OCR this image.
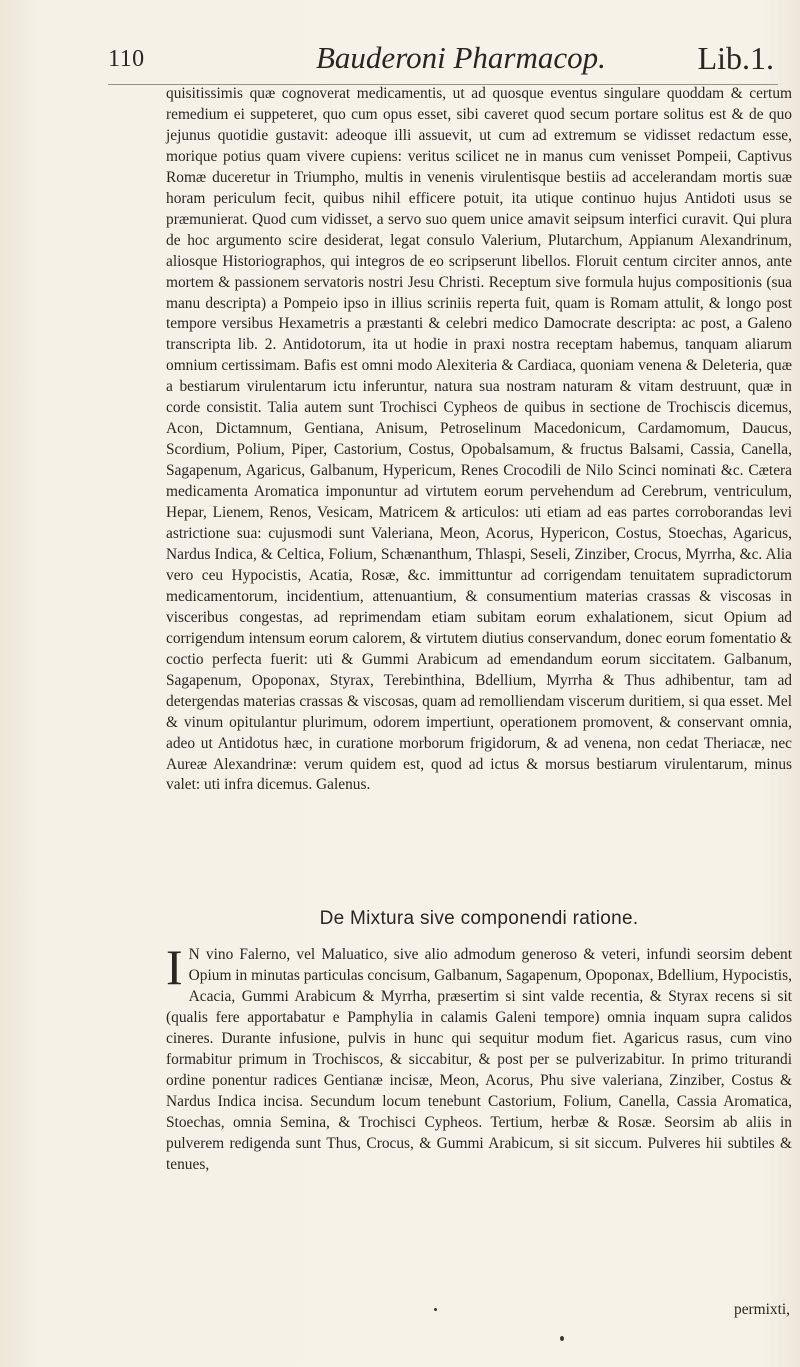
110	Bauderoni Pharmacop.	Lib.1.

quisitissimis quæ cognoverat medicamentis, ut ad quosque eventus singulare quoddam & certum remedium ei suppeteret, quo cum opus esset, sibi caveret quod secum portare solitus est & de quo jejunus quotidie gustavit: adeoque illi assuevit, ut cum ad extremum se vidisset redactum esse, morique potius quam vivere cupiens: veritus scilicet ne in manus cum venisset Pompeii, Captivus Romæ duceretur in Triumpho, multis in venenis virulentisque bestiis ad accelerandam mortis suæ horam periculum fecit, quibus nihil efficere potuit, ita utique continuo hujus Antidoti usus se præmunierat. Quod cum vidisset, a servo suo quem unice amavit seipsum interfici curavit. Qui plura de hoc argumento scire desiderat, legat consulo Valerium, Plutarchum, Appianum Alexandrinum, aliosque Historiographos, qui integros de eo scripserunt libellos. Floruit centum circiter annos, ante mortem & passionem servatoris nostri Jesu Christi. Receptum sive formula hujus compositionis (sua manu descripta) a Pompeio ipso in illius scriniis reperta fuit, quam is Romam attulit, & longo post tempore versibus Hexametris a præstanti & celebri medico Damocrate descripta: ac post, a Galeno transcripta lib. 2. Antidotorum, ita ut hodie in praxi nostra receptam habemus, tanquam aliarum omnium certissimam. Bafis est omni modo Alexiteria & Cardiaca, quoniam venena & Deleteria, quæ a bestiarum virulentarum ictu inferuntur, natura sua nostram naturam & vitam destruunt, quæ in corde consistit. Talia autem sunt Trochisci Cypheos de quibus in sectione de Trochiscis dicemus, Acon, Dictamnum, Gentiana, Anisum, Petroselinum Macedonicum, Cardamomum, Daucus, Scordium, Polium, Piper, Castorium, Costus, Opobalsamum, & fructus Balsami, Cassia, Canella, Sagapenum, Agaricus, Galbanum, Hypericum, Renes Crocodili de Nilo Scinci nominati &c. Cætera medicamenta Aromatica imponuntur ad virtutem eorum pervehendum ad Cerebrum, ventriculum, Hepar, Lienem, Renos, Vesicam, Matricem & articulos: uti etiam ad eas partes corroborandas levi astrictione sua: cujusmodi sunt Valeriana, Meon, Acorus, Hypericon, Costus, Stoechas, Agaricus, Nardus Indica, & Celtica, Folium, Schænanthum, Thlaspi, Seseli, Zinziber, Crocus, Myrrha, &c. Alia vero ceu Hypocistis, Acatia, Rosæ, &c. immittuntur ad corrigendam tenuitatem supradictorum medicamentorum, incidentium, attenuantium, & consumentium materias crassas & viscosas in visceribus congestas, ad reprimendam etiam subitam eorum exhalationem, sicut Opium ad corrigendum intensum eorum calorem, & virtutem diutius conservandum, donec eorum fomentatio & coctio perfecta fuerit: uti & Gummi Arabicum ad emendandum eorum siccitatem. Galbanum, Sagapenum, Opoponax, Styrax, Terebinthina, Bdellium, Myrrha & Thus adhibentur, tam ad detergendas materias crassas & viscosas, quam ad remolliendam viscerum duritiem, si qua esset. Mel & vinum opitulantur plurimum, odorem impertiunt, operationem promovent, & conservant omnia, adeo ut Antidotus hæc, in curatione morborum frigidorum, & ad venena, non cedat Theriacæ, nec Aureæ Alexandrinæ: verum quidem est, quod ad ictus & morsus bestiarum virulentarum, minus valet: uti infra dicemus. Galenus.

De Mixtura sive componendi ratione.
I N vino Falerno, vel Maluatico, sive alio admodum generoso & veteri, infundi seorsim debent Opium in minutas particulas concisum, Galbanum, Sagapenum, Opoponax, Bdellium, Hypocistis, Acacia, Gummi Arabicum & Myrrha, præsertim si sint valde recentia, & Styrax recens si sit (qualis fere apportabatur e Pamphylia in calamis Galeni tempore) omnia inquam supra calidos cineres. Durante infusione, pulvis in hunc qui sequitur modum fiet. Agaricus rasus, cum vino formabitur primum in Trochiscos, & siccabitur, & post per se pulverizabitur. In primo triturandi ordine ponentur radices Gentianæ incisæ, Meon, Acorus, Phu sive valeriana, Zinziber, Costus & Nardus Indica incisa. Secundum locum tenebunt Castorium, Folium, Canella, Cassia Aromatica, Stoechas, omnia Semina, & Trochisci Cypheos. Tertium, herbæ & Rosæ. Seorsim ab aliis in pulverem redigenda sunt Thus, Crocus, & Gummi Arabicum, si sit siccum. Pulveres hii subtiles & tenues,
permixti,
